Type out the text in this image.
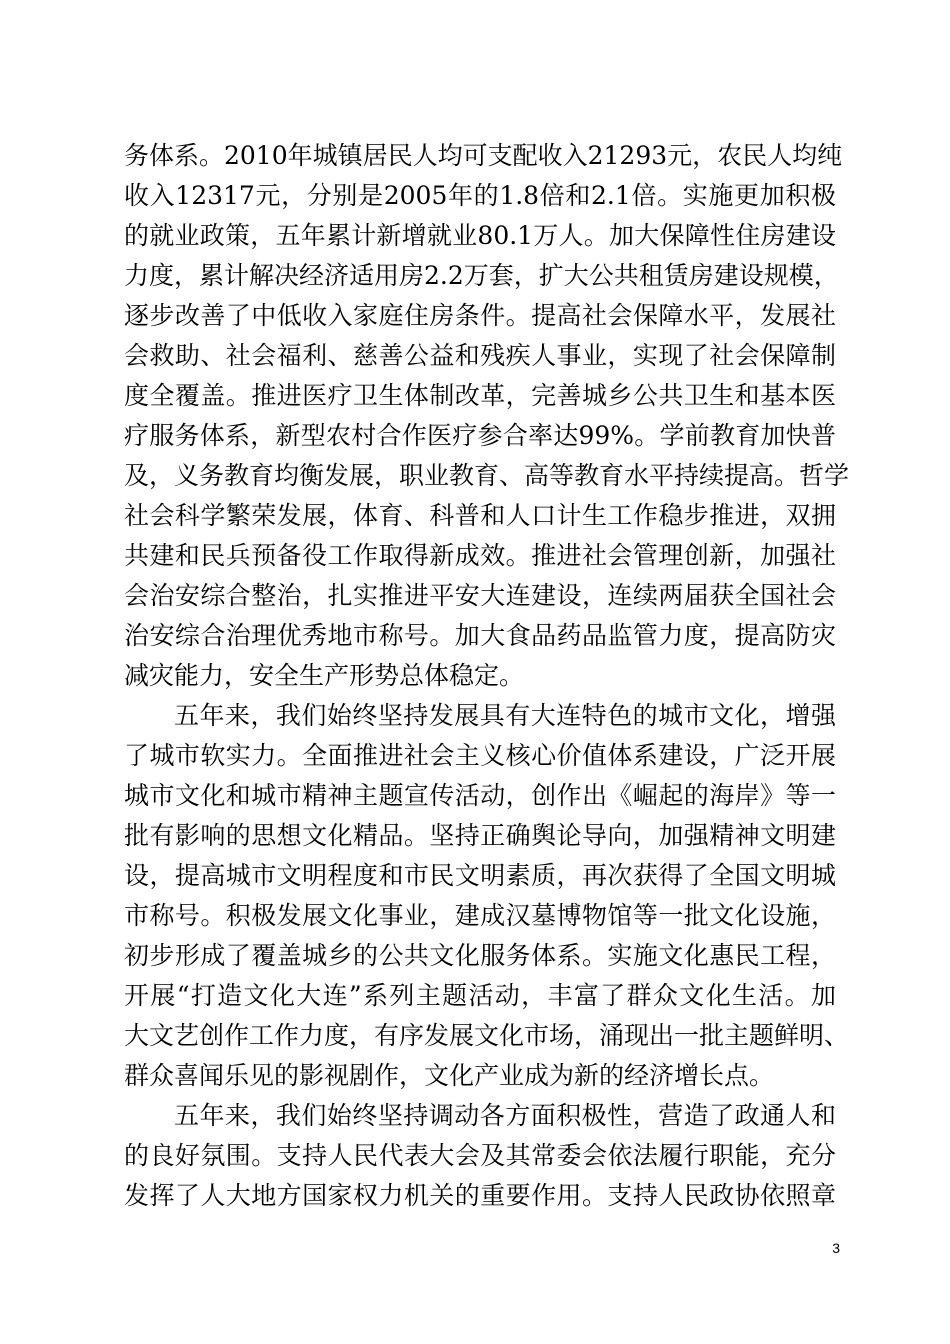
务体系。2010年城镇居民人均可支配收入21293元，农民人均纯
收入12317元，分别是2005年的1.8倍和2.1倍。实施更加积极
的就业政策，五年累计新增就业80.1万人。加大保障性住房建设
力度，累计解决经济适用房2.2万套，扩大公共租赁房建设规模，
逐步改善了中低收入家庭住房条件。提高社会保障水平，发展社
会救助、社会福利、慈善公益和残疾人事业，实现了社会保障制
度全覆盖。推进医疗卫生体制改革，完善城乡公共卫生和基本医
疗服务体系，新型农村合作医疗参合率达99%。学前教育加快普
及，义务教育均衡发展，职业教育、高等教育水平持续提高。哲学
社会科学繁荣发展，体育、科普和人口计生工作稳步推进，双拥
共建和民兵预备役工作取得新成效。推进社会管理创新，加强社
会治安综合整治，扎实推进平安大连建设，连续两届获全国社会
治安综合治理优秀地市称号。加大食品药品监管力度，提高防灾
减灾能力，安全生产形势总体稳定。
五年来，我们始终坚持发展具有大连特色的城市文化，增强
了城市软实力。全面推进社会主义核心价值体系建设，广泛开展
城市文化和城市精神主题宣传活动，创作出《崛起的海岸》等一
批有影响的思想文化精品。坚持正确舆论导向，加强精神文明建
设，提高城市文明程度和市民文明素质，再次获得了全国文明城
市称号。积极发展文化事业，建成汉墓博物馆等一批文化设施，
初步形成了覆盖城乡的公共文化服务体系。实施文化惠民工程，
开展“打造文化大连”系列主题活动，丰富了群众文化生活。加
大文艺创作工作力度，有序发展文化市场，涌现出一批主题鲜明、
群众喜闻乐见的影视剧作，文化产业成为新的经济增长点。
五年来，我们始终坚持调动各方面积极性，营造了政通人和
的良好氛围。支持人民代表大会及其常委会依法履行职能，充分
发挥了人大地方国家权力机关的重要作用。支持人民政协依照章
3
